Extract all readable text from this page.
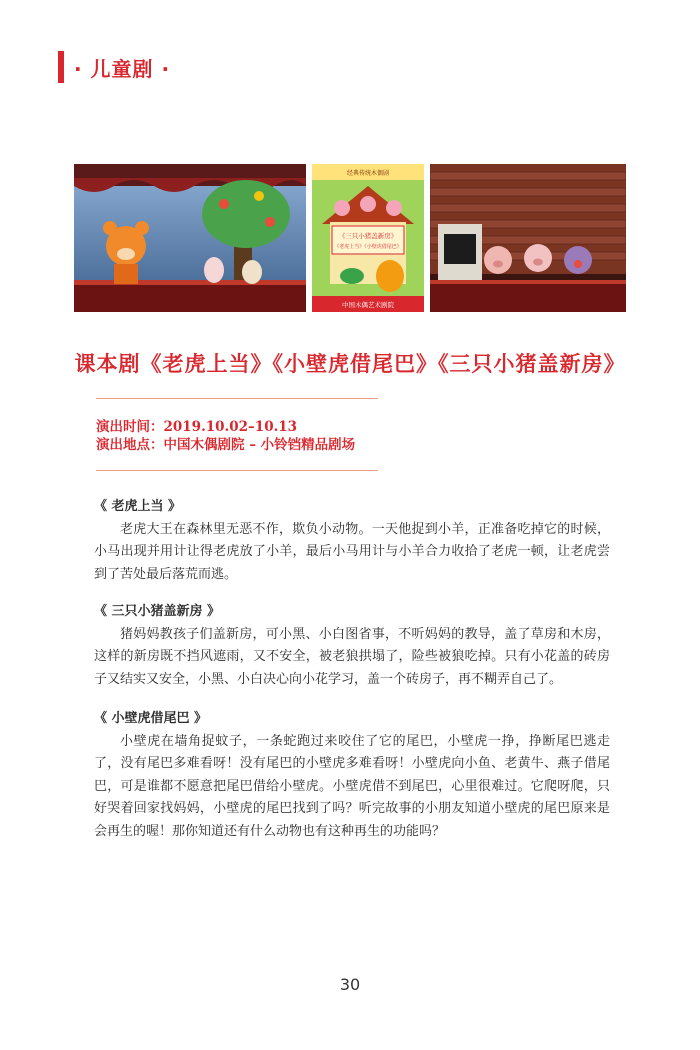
· 儿童剧 ·
《三只小猪盖新房》
《老虎上当》《小壁虎借尾巴》
经典传统木偶剧
中国木偶艺术剧院
课本剧《老虎上当》《小壁虎借尾巴》《三只小猪盖新房》
演出时间：2019.10.02–10.13
演出地点：中国木偶剧院 – 小铃铛精品剧场
《 老虎上当 》

老虎大王在森林里无恶不作，欺负小动物。一天他捉到小羊，正准备吃掉它的时候，小马出现并用计让得老虎放了小羊，最后小马用计与小羊合力收拾了老虎一顿，让老虎尝到了苦处最后落荒而逃。

《 三只小猪盖新房 》

猪妈妈教孩子们盖新房，可小黑、小白图省事，不听妈妈的教导，盖了草房和木房，这样的新房既不挡风遮雨，又不安全，被老狼拱塌了，险些被狼吃掉。只有小花盖的砖房子又结实又安全，小黑、小白决心向小花学习，盖一个砖房子，再不糊弄自己了。

《 小壁虎借尾巴 》

小壁虎在墙角捉蚊子，一条蛇跑过来咬住了它的尾巴，小壁虎一挣，挣断尾巴逃走了，没有尾巴多难看呀！没有尾巴的小壁虎多难看呀！小壁虎向小鱼、老黄牛、燕子借尾巴，可是谁都不愿意把尾巴借给小壁虎。小壁虎借不到尾巴，心里很难过。它爬呀爬，只好哭着回家找妈妈，小壁虎的尾巴找到了吗？听完故事的小朋友知道小壁虎的尾巴原来是会再生的喔！那你知道还有什么动物也有这种再生的功能吗？

30
